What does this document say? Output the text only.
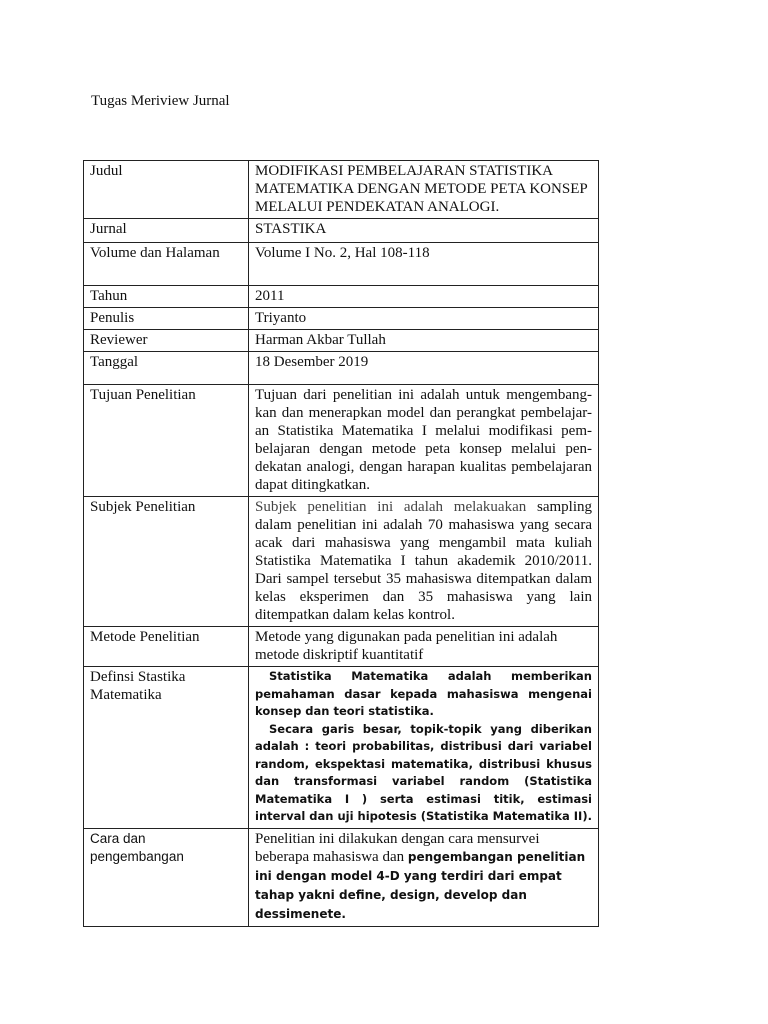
Tugas Meriview Jurnal
Judul	MODIFIKASI PEMBELAJARAN STATISTIKA MATEMATIKA DENGAN METODE PETA KONSEP MELALUI PENDEKATAN ANALOGI.
Jurnal	STASTIKA
Volume dan Halaman	Volume I No. 2, Hal 108-118
Tahun	2011
Penulis	Triyanto
Reviewer	Harman Akbar Tullah
Tanggal	18 Desember 2019
Tujuan Penelitian	Tujuan dari penelitian ini adalah untuk mengembang-kan dan menerapkan model dan perangkat pembelajar-an Statistika Matematika I melalui modifikasi pem-belajaran dengan metode peta konsep melalui pen-dekatan analogi, dengan harapan kualitas pembelajaran dapat ditingkatkan.
Subjek Penelitian	Subjek penelitian ini adalah melakuakan sampling dalam penelitian ini adalah 70 mahasiswa yang secara acak dari mahasiswa yang mengambil mata kuliah Statistika Matematika I tahun akademik 2010/2011. Dari sampel tersebut 35 mahasiswa ditempatkan dalam kelas eksperimen dan 35 mahasiswa yang lain ditempatkan dalam kelas kontrol.
Metode Penelitian	Metode yang digunakan pada penelitian ini adalah metode diskriptif kuantitatif
Definsi Stastika Matematika	Statistika Matematika adalah memberikan pemahaman dasar kepada mahasiswa mengenai konsep dan teori statistika.
Secara garis besar, topik-topik yang diberikan adalah : teori probabilitas, distribusi dari variabel random, ekspektasi matematika, distribusi khusus dan transformasi variabel random (Statistika Matematika I ) serta estimasi titik, estimasi interval dan uji hipotesis (Statistika Matematika II).

Cara dan pengembangan	Penelitian ini dilakukan dengan cara mensurvei beberapa mahasiswa dan pengembangan penelitian ini dengan model 4-D yang terdiri dari empat tahap yakni define, design, develop dan dessimenete.
